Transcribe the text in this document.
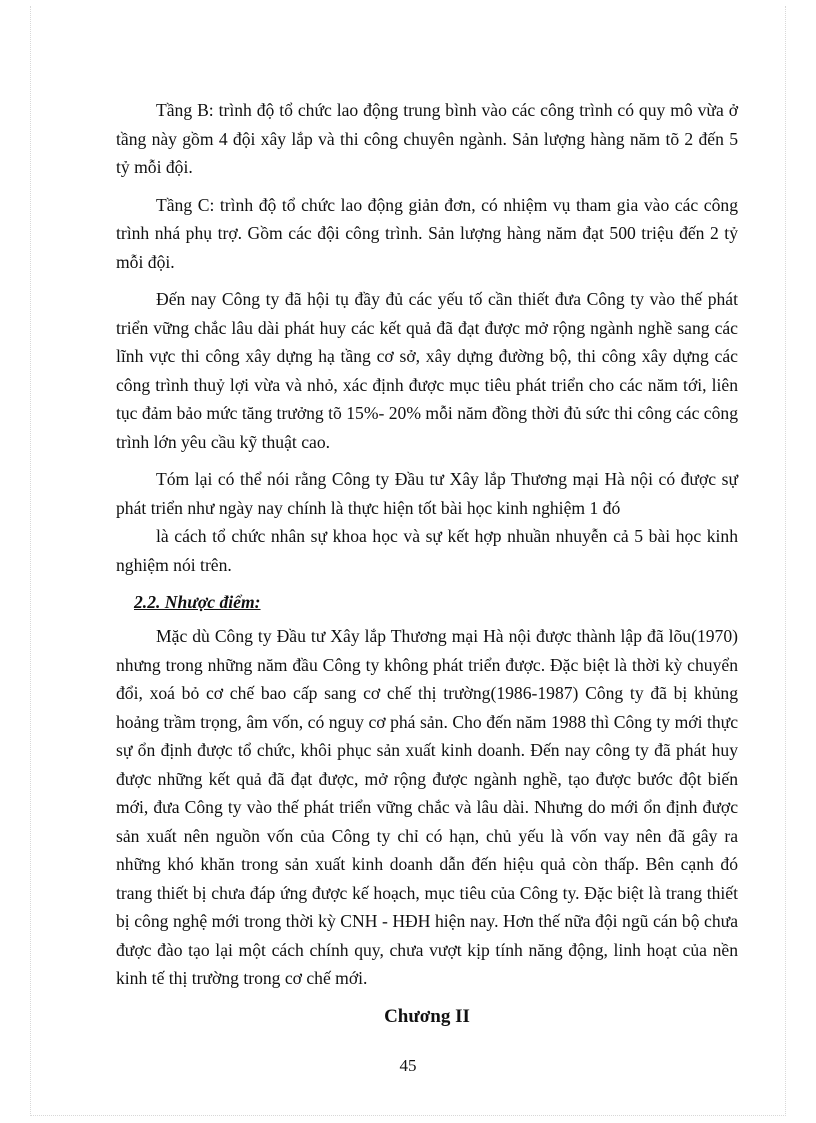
Tầng B: trình độ tổ chức lao động trung bình vào các công trình có quy mô vừa ở tầng này gồm 4 đội xây lắp và thi công chuyên ngành. Sản lượng hàng năm tõ 2 đến 5 tỷ mỗi đội.

Tầng C: trình độ tổ chức lao động giản đơn, có nhiệm vụ tham gia vào các công trình nhá phụ trợ. Gồm các đội công trình. Sản lượng hàng năm đạt 500 triệu đến 2 tỷ mỗi đội.

Đến nay Công ty đã hội tụ đầy đủ các yếu tố cần thiết đưa Công ty vào thế phát triển vững chắc lâu dài phát huy các kết quả đã đạt được mở rộng ngành nghề sang các lĩnh vực thi công xây dựng hạ tầng cơ sở, xây dựng đường bộ, thi công xây dựng các công trình thuỷ lợi vừa và nhỏ, xác định được mục tiêu phát triển cho các năm tới, liên tục đảm bảo mức tăng trưởng tõ 15%- 20% mỗi năm đồng thời đủ sức thi công các công trình lớn yêu cầu kỹ thuật cao.

Tóm lại có thể nói rằng Công ty Đầu tư Xây lắp Thương mại Hà nội có được sự phát triển như ngày nay chính là thực hiện tốt bài học kinh nghiệm 1 đó

là cách tổ chức nhân sự khoa học và sự kết hợp nhuần nhuyễn cả 5 bài học kinh nghiệm nói trên.

2.2. Nhược điểm:

Mặc dù Công ty Đầu tư Xây lắp Thương mại Hà nội được thành lập đã lõu(1970) nhưng trong những năm đầu Công ty không phát triển được. Đặc biệt là thời kỳ chuyển đổi, xoá bỏ cơ chế bao cấp sang cơ chế thị trường(1986-1987) Công ty đã bị khủng hoảng trầm trọng, âm vốn, có nguy cơ phá sản. Cho đến năm 1988 thì Công ty mới thực sự ổn định được tổ chức, khôi phục sản xuất kinh doanh. Đến nay công ty đã phát huy được những kết quả đã đạt được, mở rộng được ngành nghề, tạo được bước đột biến mới, đưa Công ty vào thế phát triển vững chắc và lâu dài. Nhưng do mới ổn định được sản xuất nên nguồn vốn của Công ty chỉ có hạn, chủ yếu là vốn vay nên đã gây ra những khó khăn trong sản xuất kinh doanh dẫn đến hiệu quả còn thấp. Bên cạnh đó trang thiết bị chưa đáp ứng được kế hoạch, mục tiêu của Công ty. Đặc biệt là trang thiết bị công nghệ mới trong thời kỳ CNH - HĐH hiện nay. Hơn thế nữa đội ngũ cán bộ chưa được đào tạo lại một cách chính quy, chưa vượt kịp tính năng động, linh hoạt của nền kinh tế thị trường trong cơ chế mới.

Chương II
45
